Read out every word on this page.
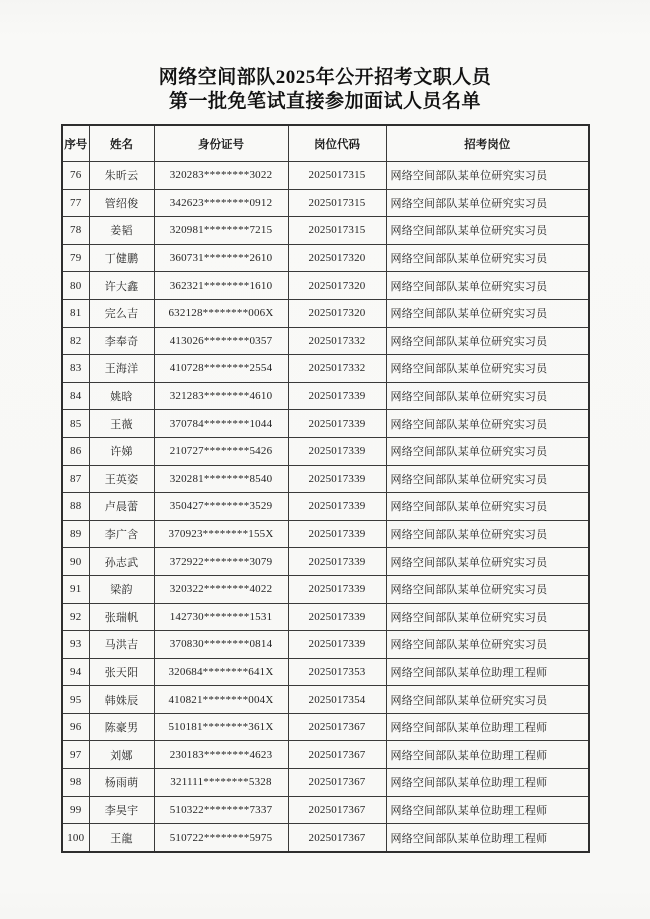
网络空间部队2025年公开招考文职人员
第一批免笔试直接参加面试人员名单
序号	姓名	身份证号	岗位代码	招考岗位
76	朱昕云	320283********3022	2025017315	网络空间部队某单位研究实习员
77	管绍俊	342623********0912	2025017315	网络空间部队某单位研究实习员
78	姜韬	320981********7215	2025017315	网络空间部队某单位研究实习员
79	丁健鹏	360731********2610	2025017320	网络空间部队某单位研究实习员
80	许大鑫	362321********1610	2025017320	网络空间部队某单位研究实习员
81	完么吉	632128********006X	2025017320	网络空间部队某单位研究实习员
82	李奉奇	413026********0357	2025017332	网络空间部队某单位研究实习员
83	王海洋	410728********2554	2025017332	网络空间部队某单位研究实习员
84	姚晗	321283********4610	2025017339	网络空间部队某单位研究实习员
85	王薇	370784********1044	2025017339	网络空间部队某单位研究实习员
86	许娣	210727********5426	2025017339	网络空间部队某单位研究实习员
87	王英姿	320281********8540	2025017339	网络空间部队某单位研究实习员
88	卢晨蕾	350427********3529	2025017339	网络空间部队某单位研究实习员
89	李广含	370923********155X	2025017339	网络空间部队某单位研究实习员
90	孙志武	372922********3079	2025017339	网络空间部队某单位研究实习员
91	梁韵	320322********4022	2025017339	网络空间部队某单位研究实习员
92	张瑞帆	142730********1531	2025017339	网络空间部队某单位研究实习员
93	马洪吉	370830********0814	2025017339	网络空间部队某单位研究实习员
94	张天阳	320684********641X	2025017353	网络空间部队某单位助理工程师
95	韩姝辰	410821********004X	2025017354	网络空间部队某单位研究实习员
96	陈豪男	510181********361X	2025017367	网络空间部队某单位助理工程师
97	刘娜	230183********4623	2025017367	网络空间部队某单位助理工程师
98	杨雨萌	321111********5328	2025017367	网络空间部队某单位助理工程师
99	李昊宇	510322********7337	2025017367	网络空间部队某单位助理工程师
100	王龍	510722********5975	2025017367	网络空间部队某单位助理工程师
